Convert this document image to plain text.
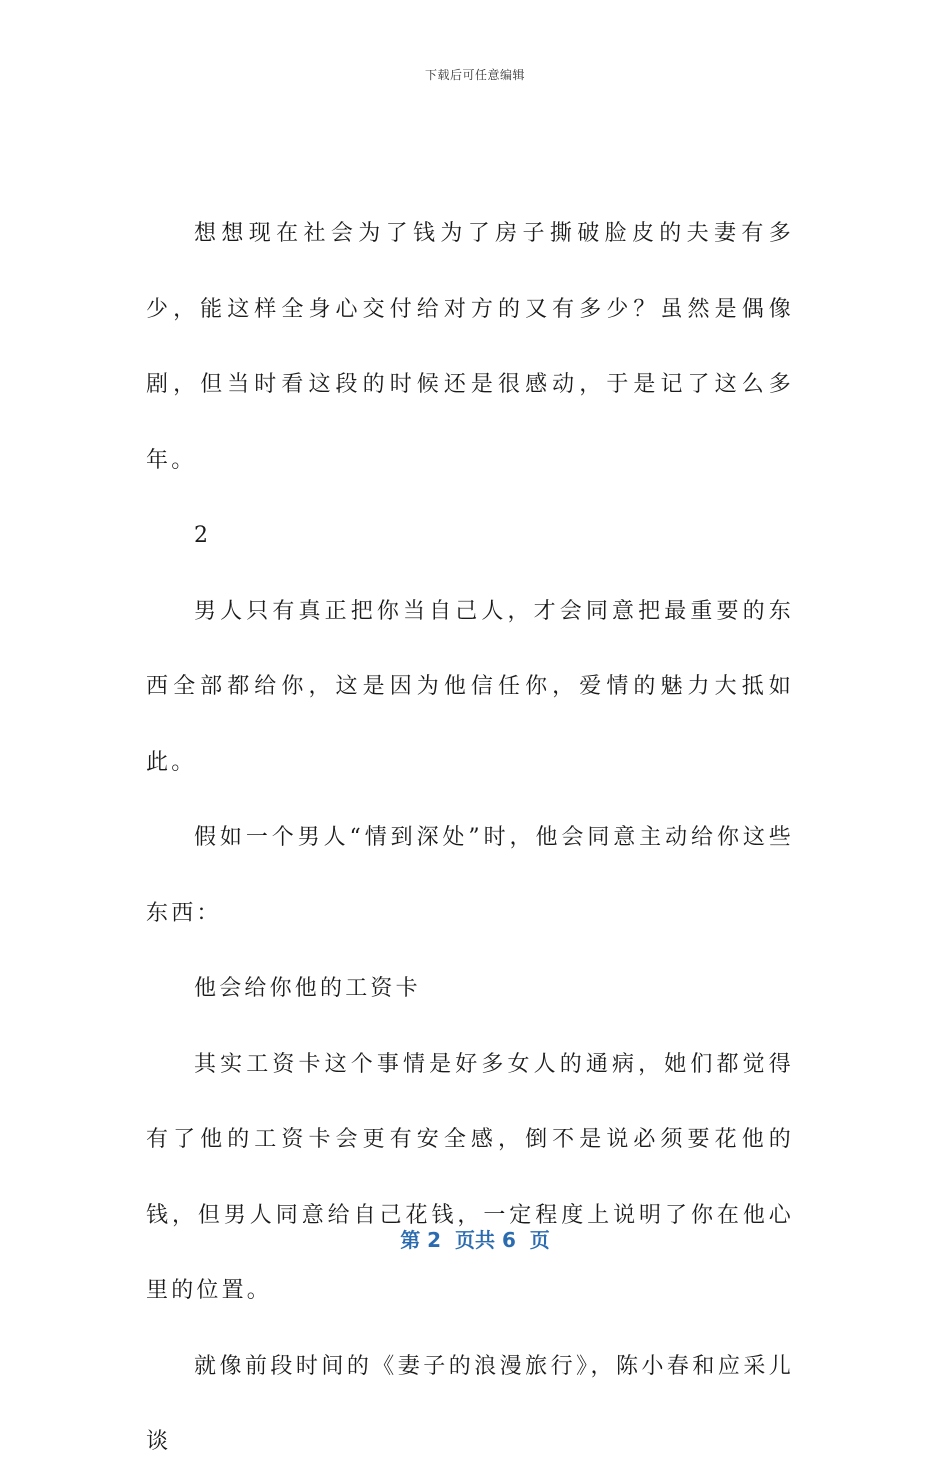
下载后可任意编辑

想想现在社会为了钱为了房子撕破脸皮的夫妻有多少，能这样全身心交付给对方的又有多少？虽然是偶像剧，但当时看这段的时候还是很感动，于是记了这么多年。

2

男人只有真正把你当自己人，才会同意把最重要的东西全部都给你，这是因为他信任你，爱情的魅力大抵如此。

假如一个男人“情到深处”时，他会同意主动给你这些东西：

他会给你他的工资卡

其实工资卡这个事情是好多女人的通病，她们都觉得有了他的工资卡会更有安全感，倒不是说必须要花他的钱，但男人同意给自己花钱，一定程度上说明了你在他心里的位置。

就像前段时间的《妻子的浪漫旅行》，陈小春和应采儿谈

第 2  页共 6  页
